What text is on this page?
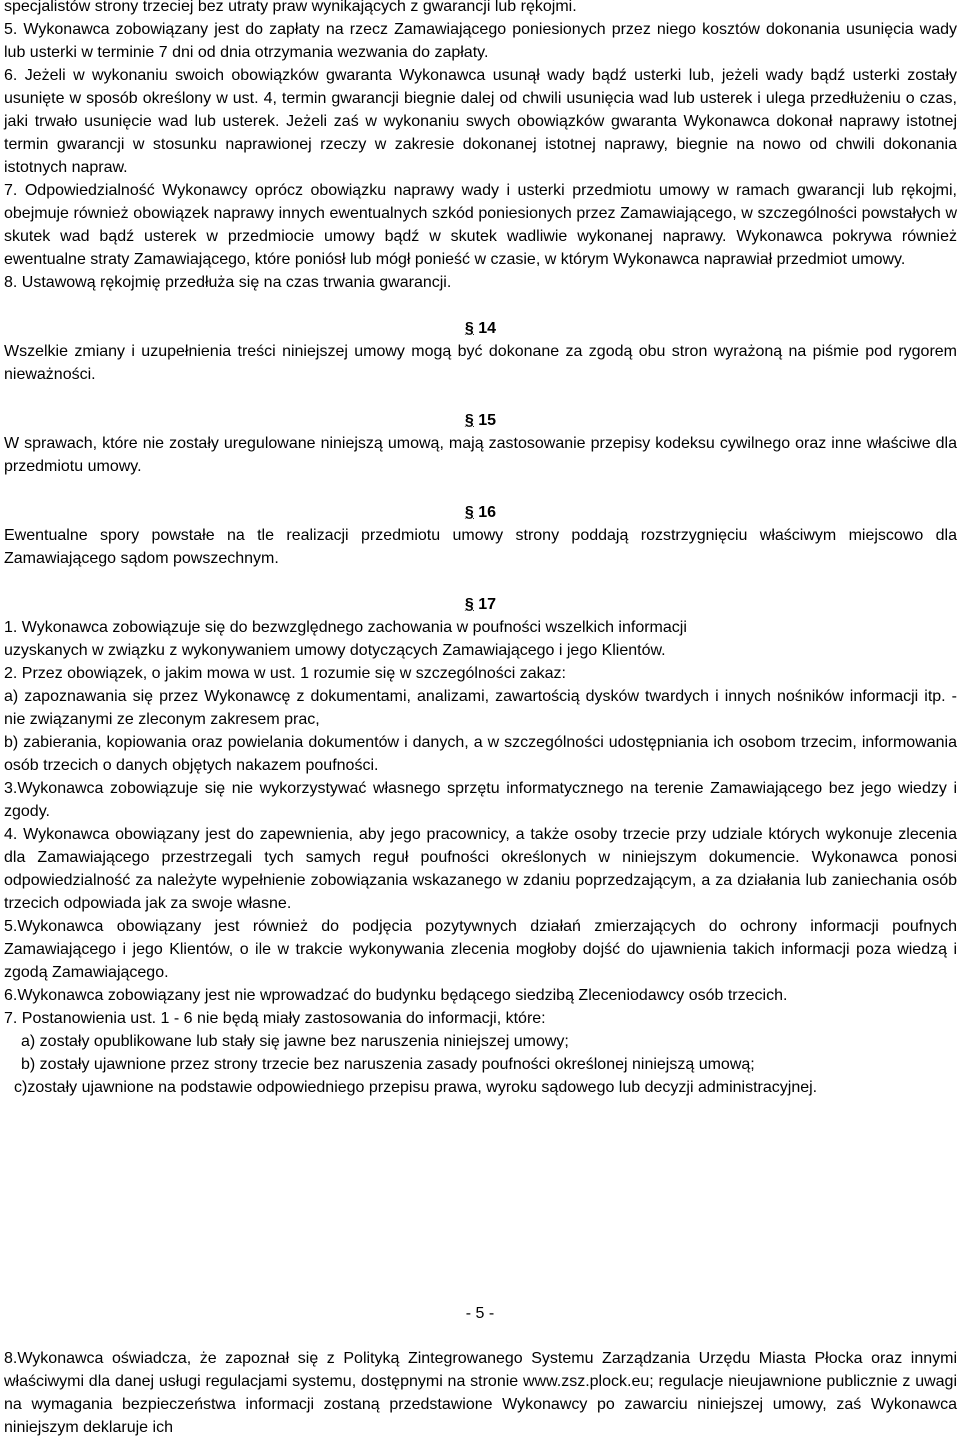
specjalistów strony trzeciej bez utraty praw wynikających z gwarancji lub rękojmi.

5. Wykonawca zobowiązany jest do zapłaty na rzecz Zamawiającego poniesionych przez niego kosztów dokonania usunięcia wady lub usterki w terminie 7 dni od dnia otrzymania wezwania do zapłaty.

6. Jeżeli w wykonaniu swoich obowiązków gwaranta Wykonawca usunął wady bądź usterki lub, jeżeli wady bądź usterki zostały usunięte w sposób określony w ust. 4, termin gwarancji biegnie dalej od chwili usunięcia wad lub usterek i ulega przedłużeniu o czas, jaki trwało usunięcie wad lub usterek. Jeżeli zaś w wykonaniu swych obowiązków gwaranta Wykonawca dokonał naprawy istotnej termin gwarancji w stosunku naprawionej rzeczy w zakresie dokonanej istotnej naprawy, biegnie na nowo od chwili dokonania istotnych napraw.

7. Odpowiedzialność Wykonawcy oprócz obowiązku naprawy wady i usterki przedmiotu umowy w ramach gwarancji lub rękojmi, obejmuje również obowiązek naprawy innych ewentualnych szkód poniesionych przez Zamawiającego, w szczególności powstałych w skutek wad bądź usterek w przedmiocie umowy bądź w skutek wadliwie wykonanej naprawy. Wykonawca pokrywa również ewentualne straty Zamawiającego, które poniósł lub mógł ponieść w czasie, w którym Wykonawca naprawiał przedmiot umowy.

8. Ustawową rękojmię przedłuża się na czas trwania gwarancji.

§ 14

Wszelkie zmiany i uzupełnienia treści niniejszej umowy mogą być dokonane za zgodą obu stron wyrażoną na piśmie pod rygorem nieważności.

§ 15

W sprawach, które nie zostały uregulowane niniejszą umową, mają zastosowanie przepisy kodeksu cywilnego oraz inne właściwe dla przedmiotu umowy.

§ 16

Ewentualne spory powstałe na tle realizacji przedmiotu umowy strony poddają rozstrzygnięciu właściwym miejscowo dla Zamawiającego sądom powszechnym.

§ 17

1. Wykonawca zobowiązuje się do bezwzględnego zachowania w poufności wszelkich informacji

uzyskanych w związku z wykonywaniem umowy dotyczących Zamawiającego i jego Klientów.

2. Przez obowiązek, o jakim mowa w ust. 1 rozumie się w szczególności zakaz:

a) zapoznawania się przez Wykonawcę z dokumentami, analizami, zawartością dysków twardych i innych nośników informacji itp. - nie związanymi ze zleconym zakresem prac,

b) zabierania, kopiowania oraz powielania dokumentów i danych, a w szczególności udostępniania ich osobom trzecim, informowania osób trzecich o danych objętych nakazem poufności.

3.Wykonawca zobowiązuje się nie wykorzystywać własnego sprzętu informatycznego na terenie Zamawiającego bez jego wiedzy i zgody.

4. Wykonawca obowiązany jest do zapewnienia, aby jego pracownicy, a także osoby trzecie przy udziale których wykonuje zlecenia dla Zamawiającego przestrzegali tych samych reguł poufności określonych w niniejszym dokumencie. Wykonawca ponosi odpowiedzialność za należyte wypełnienie zobowiązania wskazanego w zdaniu poprzedzającym, a za działania lub zaniechania osób trzecich odpowiada jak za swoje własne.

5.Wykonawca obowiązany jest również do podjęcia pozytywnych działań zmierzających do ochrony informacji poufnych Zamawiającego i jego Klientów, o ile w trakcie wykonywania zlecenia mogłoby dojść do ujawnienia takich informacji poza wiedzą i zgodą Zamawiającego.

6.Wykonawca zobowiązany jest nie wprowadzać do budynku będącego siedzibą Zleceniodawcy osób trzecich.

7. Postanowienia ust. 1 - 6 nie będą miały zastosowania do informacji, które:

a) zostały opublikowane lub stały się jawne bez naruszenia niniejszej umowy;

b) zostały ujawnione przez strony trzecie bez naruszenia zasady poufności określonej niniejszą umową;

c)zostały ujawnione na podstawie odpowiedniego przepisu prawa, wyroku sądowego lub decyzji administracyjnej.

- 5 -

8.Wykonawca oświadcza, że zapoznał się z Polityką Zintegrowanego Systemu Zarządzania Urzędu Miasta Płocka oraz innymi właściwymi dla danej usługi regulacjami systemu, dostępnymi na stronie www.zsz.plock.eu; regulacje nieujawnione publicznie z uwagi na wymagania bezpieczeństwa informacji zostaną przedstawione Wykonawcy po zawarciu niniejszej umowy, zaś Wykonawca niniejszym deklaruje ich
